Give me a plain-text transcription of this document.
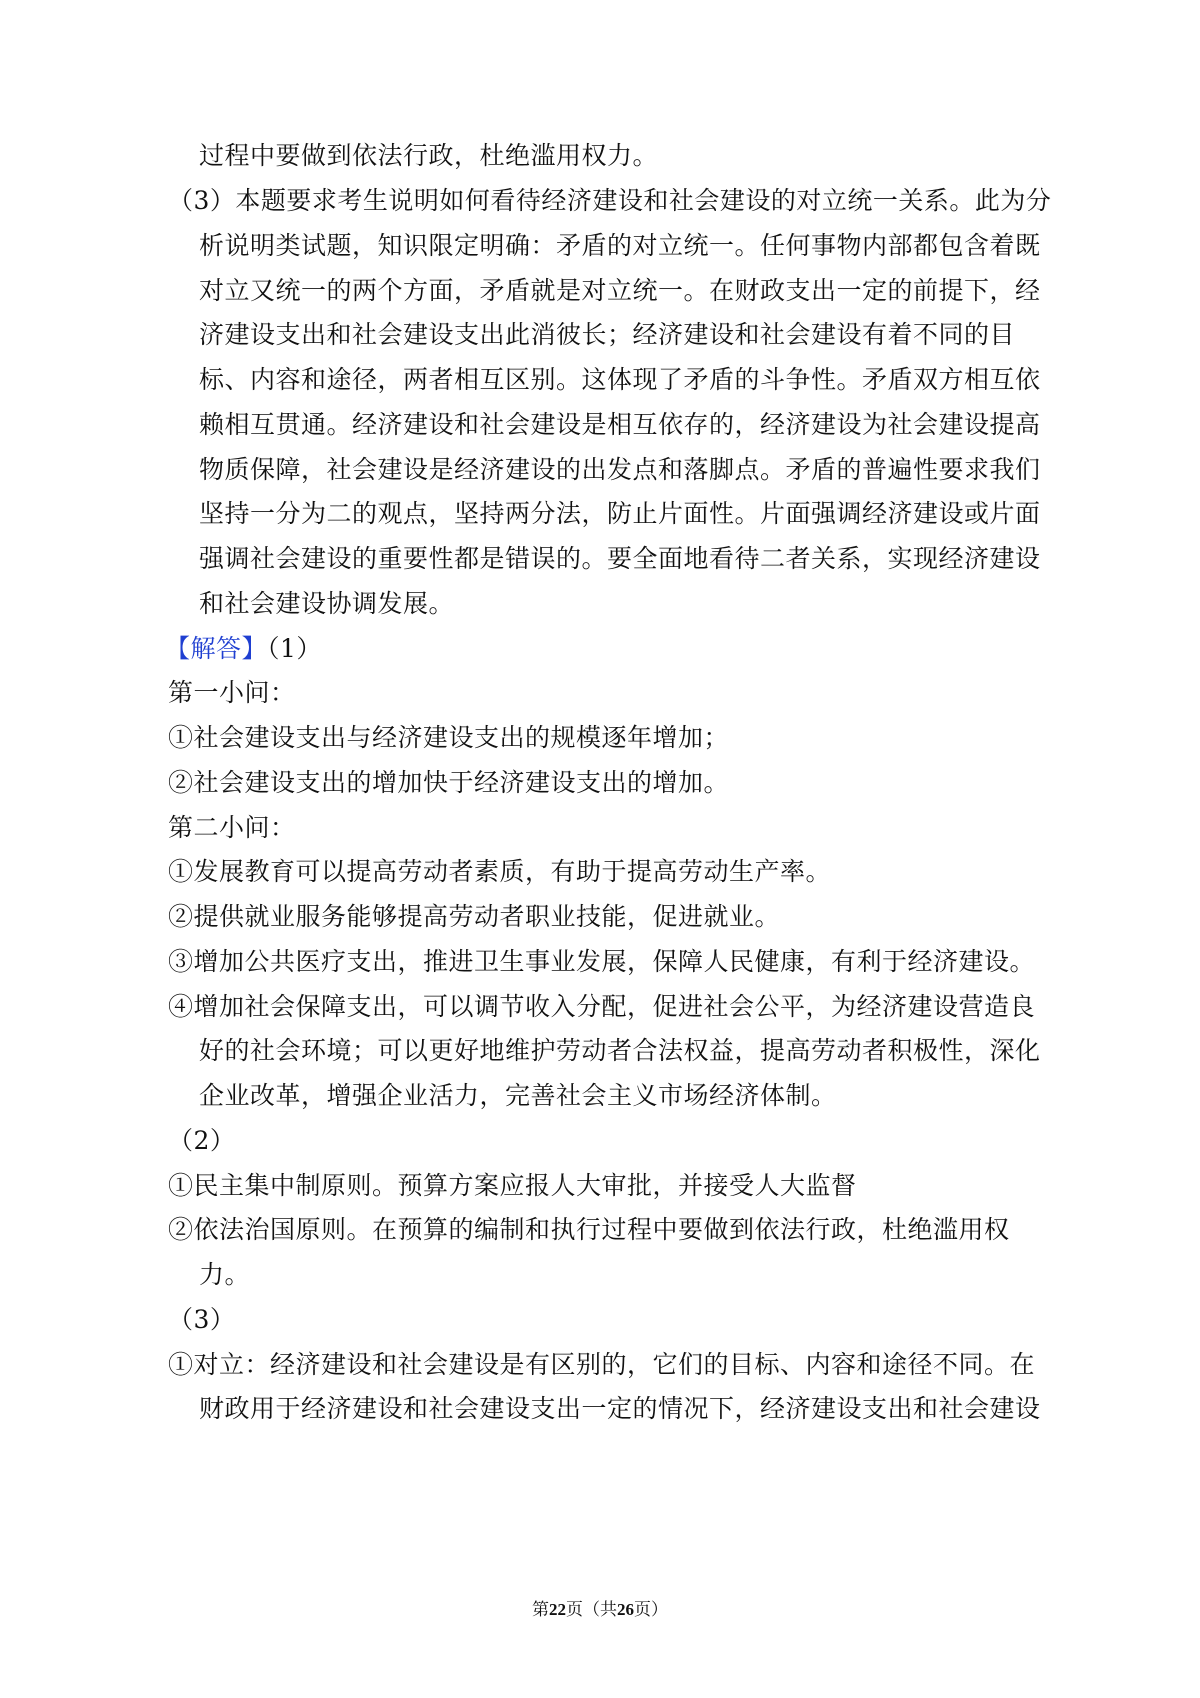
过程中要做到依法行政，杜绝滥用权力。
（3）本题要求考生说明如何看待经济建设和社会建设的对立统一关系。此为分
析说明类试题，知识限定明确：矛盾的对立统一。任何事物内部都包含着既
对立又统一的两个方面，矛盾就是对立统一。在财政支出一定的前提下，经
济建设支出和社会建设支出此消彼长；经济建设和社会建设有着不同的目
标、内容和途径，两者相互区别。这体现了矛盾的斗争性。矛盾双方相互依
赖相互贯通。经济建设和社会建设是相互依存的，经济建设为社会建设提高
物质保障，社会建设是经济建设的出发点和落脚点。矛盾的普遍性要求我们
坚持一分为二的观点，坚持两分法，防止片面性。片面强调经济建设或片面
强调社会建设的重要性都是错误的。要全面地看待二者关系，实现经济建设
和社会建设协调发展。
【解答】（1）
第一小问：
①社会建设支出与经济建设支出的规模逐年增加；
②社会建设支出的增加快于经济建设支出的增加。
第二小问：
①发展教育可以提高劳动者素质，有助于提高劳动生产率。
②提供就业服务能够提高劳动者职业技能，促进就业。
③增加公共医疗支出，推进卫生事业发展，保障人民健康，有利于经济建设。
④增加社会保障支出，可以调节收入分配，促进社会公平，为经济建设营造良
好的社会环境；可以更好地维护劳动者合法权益，提高劳动者积极性，深化
企业改革，增强企业活力，完善社会主义市场经济体制。
（2）
①民主集中制原则。预算方案应报人大审批，并接受人大监督
②依法治国原则。在预算的编制和执行过程中要做到依法行政，杜绝滥用权
力。
（3）
①对立：经济建设和社会建设是有区别的，它们的目标、内容和途径不同。在
财政用于经济建设和社会建设支出一定的情况下，经济建设支出和社会建设
第22页（共26页）
